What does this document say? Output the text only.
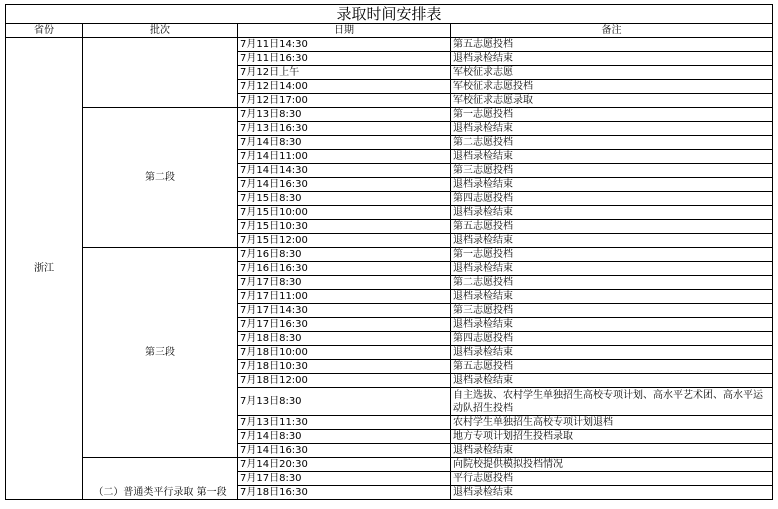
录取时间安排表			
省份	批次	日期	备注
浙江		7月11日14:30	第五志愿投档
		7月11日16:30	退档录检结束
		7月12日上午	军校征求志愿
		7月12日14:00	军校征求志愿投档
		7月12日17:00	军校征求志愿录取
	第二段	7月13日8:30	第一志愿投档
		7月13日16:30	退档录检结束
		7月14日8:30	第二志愿投档
		7月14日11:00	退档录检结束
		7月14日14:30	第三志愿投档
		7月14日16:30	退档录检结束
		7月15日8:30	第四志愿投档
		7月15日10:00	退档录检结束
		7月15日10:30	第五志愿投档
		7月15日12:00	退档录检结束
	第三段	7月16日8:30	第一志愿投档
		7月16日16:30	退档录检结束
		7月17日8:30	第二志愿投档
		7月17日11:00	退档录检结束
		7月17日14:30	第三志愿投档
		7月17日16:30	退档录检结束
		7月18日8:30	第四志愿投档
		7月18日10:00	退档录检结束
		7月18日10:30	第五志愿投档
		7月18日12:00	退档录检结束
		7月13日8:30	自主选拔、农村学生单独招生高校专项计划、高水平艺术团、高水平运动队招生投档
		7月13日11:30	农村学生单独招生高校专项计划退档
		7月14日8:30	地方专项计划招生投档录取
		7月14日16:30	退档录检结束
	（二）普通类平行录取 第一段	7月14日20:30	向院校提供模拟投档情况
		7月17日8:30	平行志愿投档
		7月18日16:30	退档录检结束
